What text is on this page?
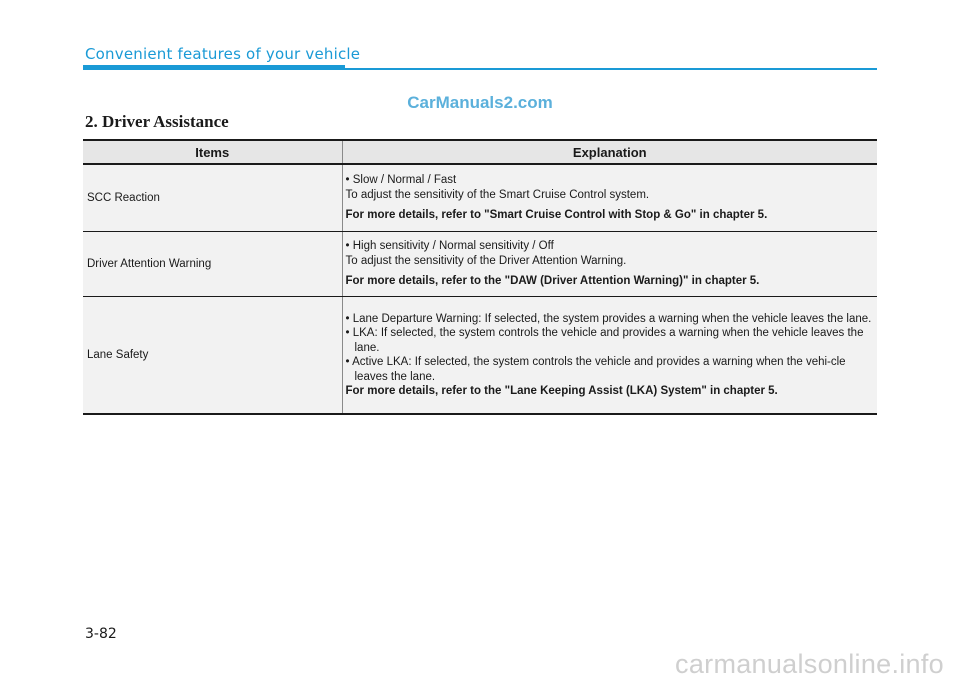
Convenient features of your vehicle
CarManuals2.com
2. Driver Assistance
Items	Explanation
SCC Reaction	• Slow / Normal / Fast
To adjust the sensitivity of the Smart Cruise Control system.
For more details, refer to "Smart Cruise Control with Stop & Go" in chapter 5.

Driver Attention Warning	• High sensitivity / Normal sensitivity / Off
To adjust the sensitivity of the Driver Attention Warning.
For more details, refer to the "DAW (Driver Attention Warning)" in chapter 5.

Lane Safety	• Lane Departure Warning: If selected, the system provides a warning when the vehicle leaves the lane.
• LKA: If selected, the system controls the vehicle and provides a warning when the vehicle leaves the lane.
• Active LKA: If selected, the system controls the vehicle and provides a warning when the vehi-cle leaves the lane.
For more details, refer to the "Lane Keeping Assist (LKA) System" in chapter 5.
3-82
carmanualsonline.info
